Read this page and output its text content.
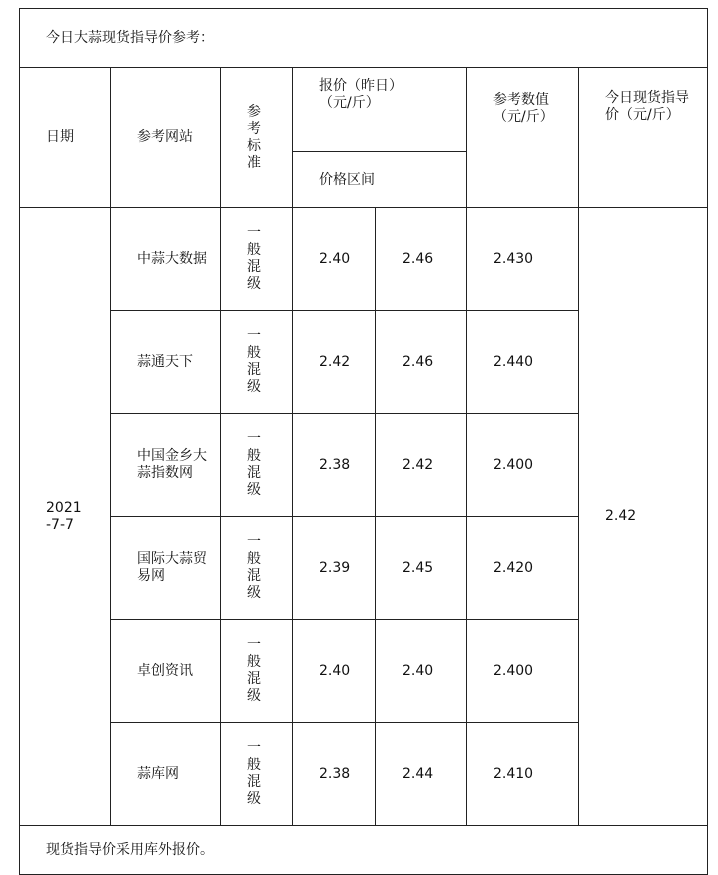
今日大蒜现货指导价参考：						
日期	参考网站	参考标准	报价（昨日）（元/斤）		参考数值（元/斤）	今日现货指导价（元/斤）

			价格区间			

2021-7-7	中蒜大数据	一般混级	2.40	2.46	2.430	2.42

	蒜通天下	一般混级	2.42	2.46	2.440	

	中国金乡大蒜指数网	一般混级	2.38	2.42	2.400	

	国际大蒜贸易网	一般混级	2.39	2.45	2.420	

	卓创资讯	一般混级	2.40	2.40	2.400	

	蒜库网	一般混级	2.38	2.44	2.410	
现货指导价采用库外报价。						
